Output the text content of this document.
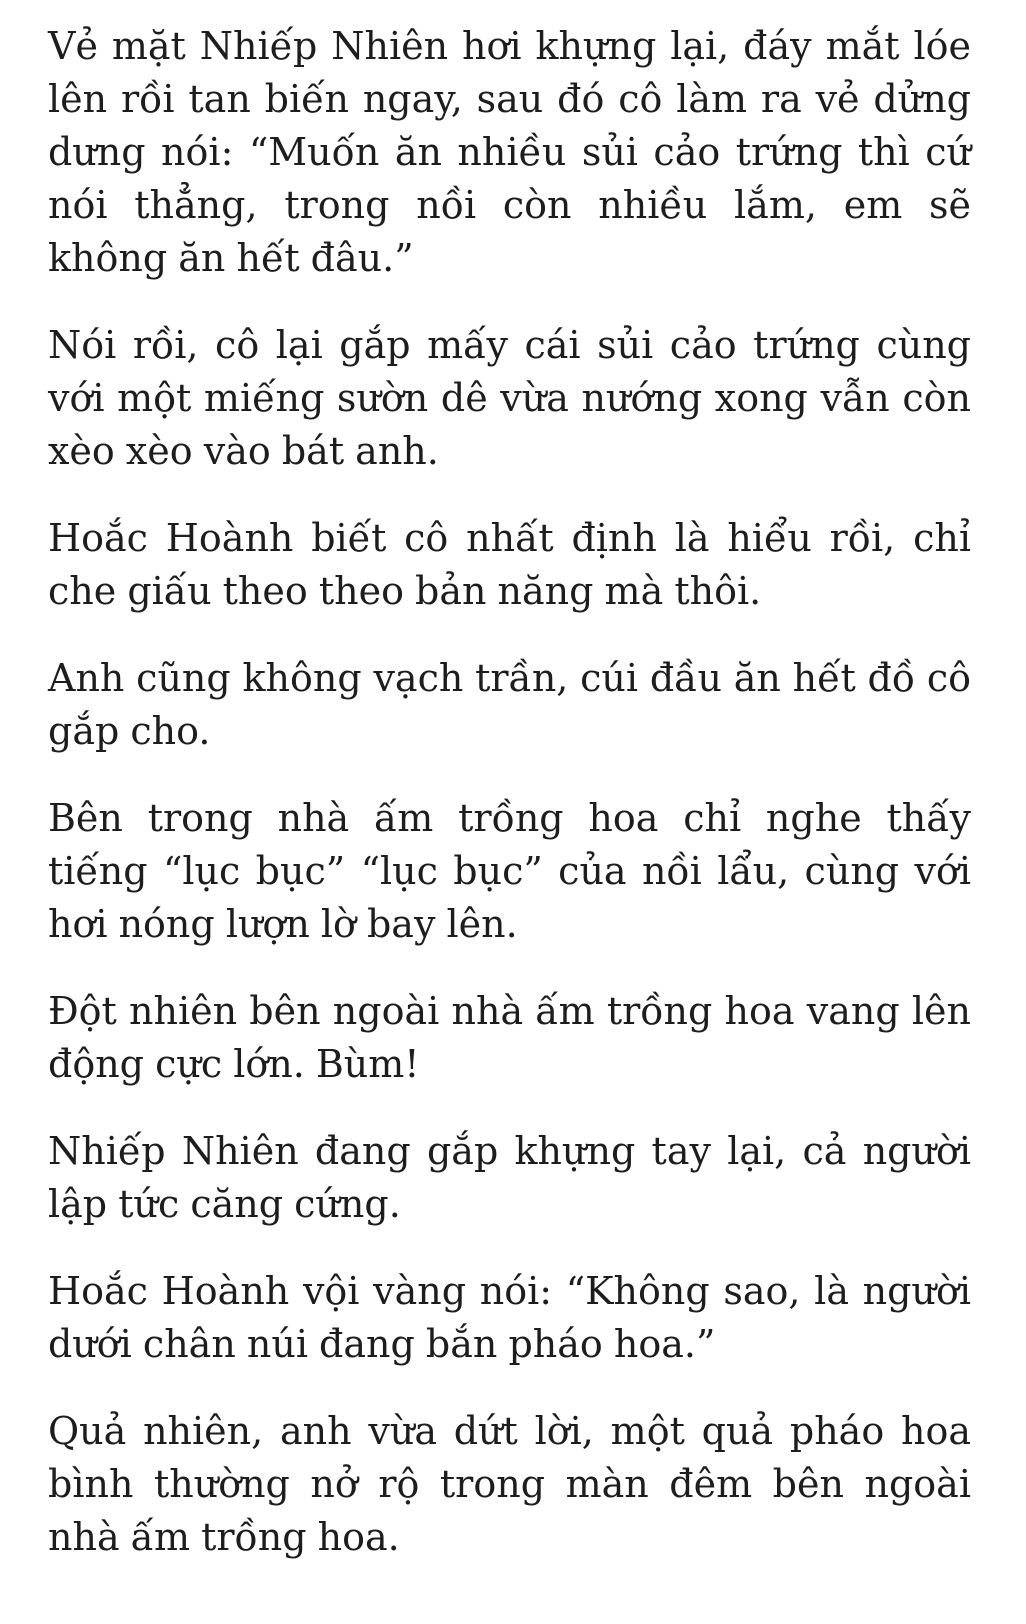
Vẻ mặt Nhiếp Nhiên hơi khựng lại, đáy mắt lóe lên rồi tan biến ngay, sau đó cô làm ra vẻ dửng dưng nói: “Muốn ăn nhiều sủi cảo trứng thì cứ nói thẳng, trong nồi còn nhiều lắm, em sẽ không ăn hết đâu.”

Nói rồi, cô lại gắp mấy cái sủi cảo trứng cùng với một miếng sườn dê vừa nướng xong vẫn còn xèo xèo vào bát anh.

Hoắc Hoành biết cô nhất định là hiểu rồi, chỉ che giấu theo theo bản năng mà thôi.

Anh cũng không vạch trần, cúi đầu ăn hết đồ cô gắp cho.

Bên trong nhà ấm trồng hoa chỉ nghe thấy tiếng “lục bục” “lục bục” của nồi lẩu, cùng với hơi nóng lượn lờ bay lên.

Đột nhiên bên ngoài nhà ấm trồng hoa vang lên động cực lớn. Bùm!

Nhiếp Nhiên đang gắp khựng tay lại, cả người lập tức căng cứng.

Hoắc Hoành vội vàng nói: “Không sao, là người dưới chân núi đang bắn pháo hoa.”

Quả nhiên, anh vừa dứt lời, một quả pháo hoa bình thường nở rộ trong màn đêm bên ngoài nhà ấm trồng hoa.
